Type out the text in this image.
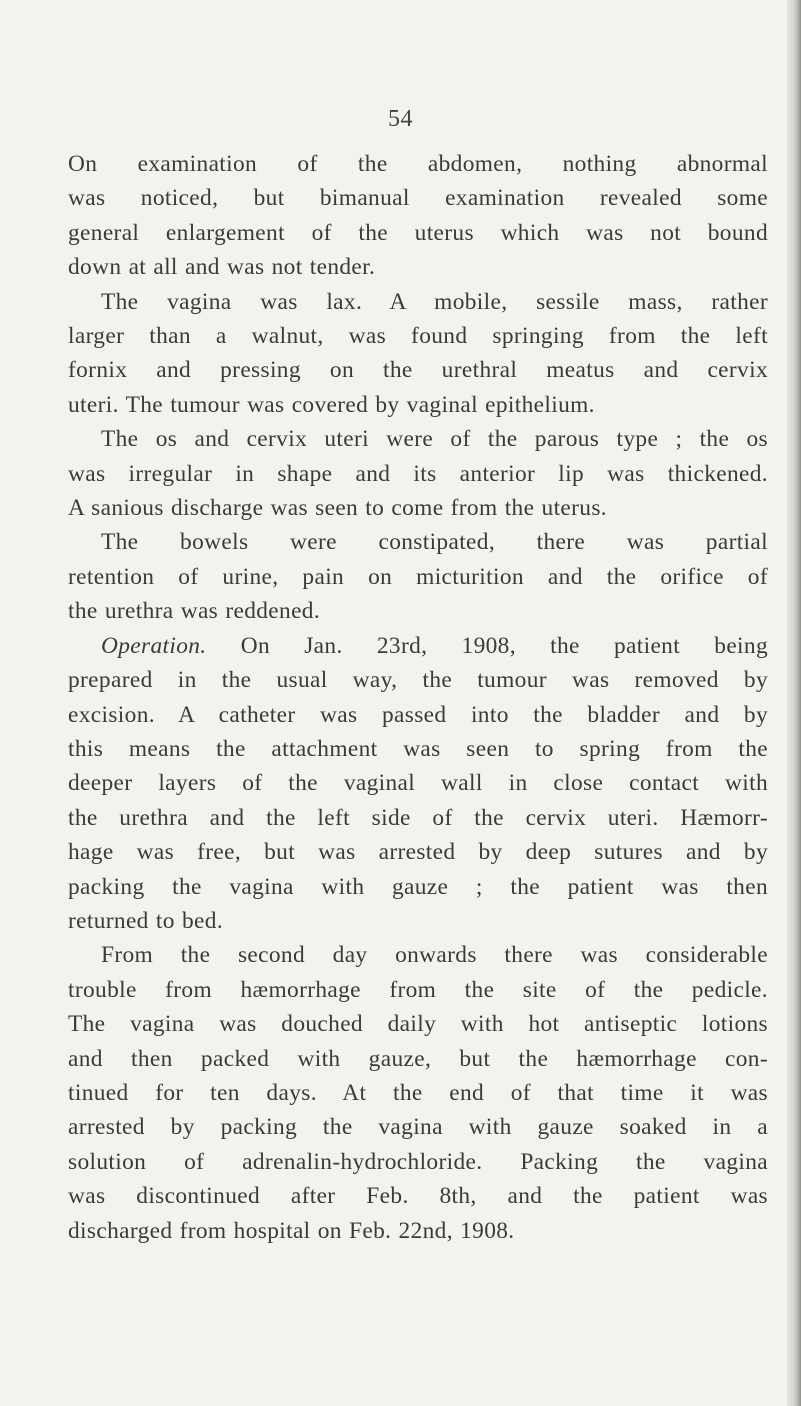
54
On examination of the abdomen, nothing abnormal
was noticed, but bimanual examination revealed some
general enlargement of the uterus which was not bound
down at all and was not tender.
The vagina was lax. A mobile, sessile mass, rather
larger than a walnut, was found springing from the left
fornix and pressing on the urethral meatus and cervix
uteri. The tumour was covered by vaginal epithelium.
The os and cervix uteri were of the parous type ; the os
was irregular in shape and its anterior lip was thickened.
A sanious discharge was seen to come from the uterus.
The bowels were constipated, there was partial
retention of urine, pain on micturition and the orifice of
the urethra was reddened.
Operation. On Jan. 23rd, 1908, the patient being
prepared in the usual way, the tumour was removed by
excision. A catheter was passed into the bladder and by
this means the attachment was seen to spring from the
deeper layers of the vaginal wall in close contact with
the urethra and the left side of the cervix uteri. Hæmorr-
hage was free, but was arrested by deep sutures and by
packing the vagina with gauze ; the patient was then
returned to bed.
From the second day onwards there was considerable
trouble from hæmorrhage from the site of the pedicle.
The vagina was douched daily with hot antiseptic lotions
and then packed with gauze, but the hæmorrhage con-
tinued for ten days. At the end of that time it was
arrested by packing the vagina with gauze soaked in a
solution of adrenalin-hydrochloride. Packing the vagina
was discontinued after Feb. 8th, and the patient was
discharged from hospital on Feb. 22nd, 1908.
